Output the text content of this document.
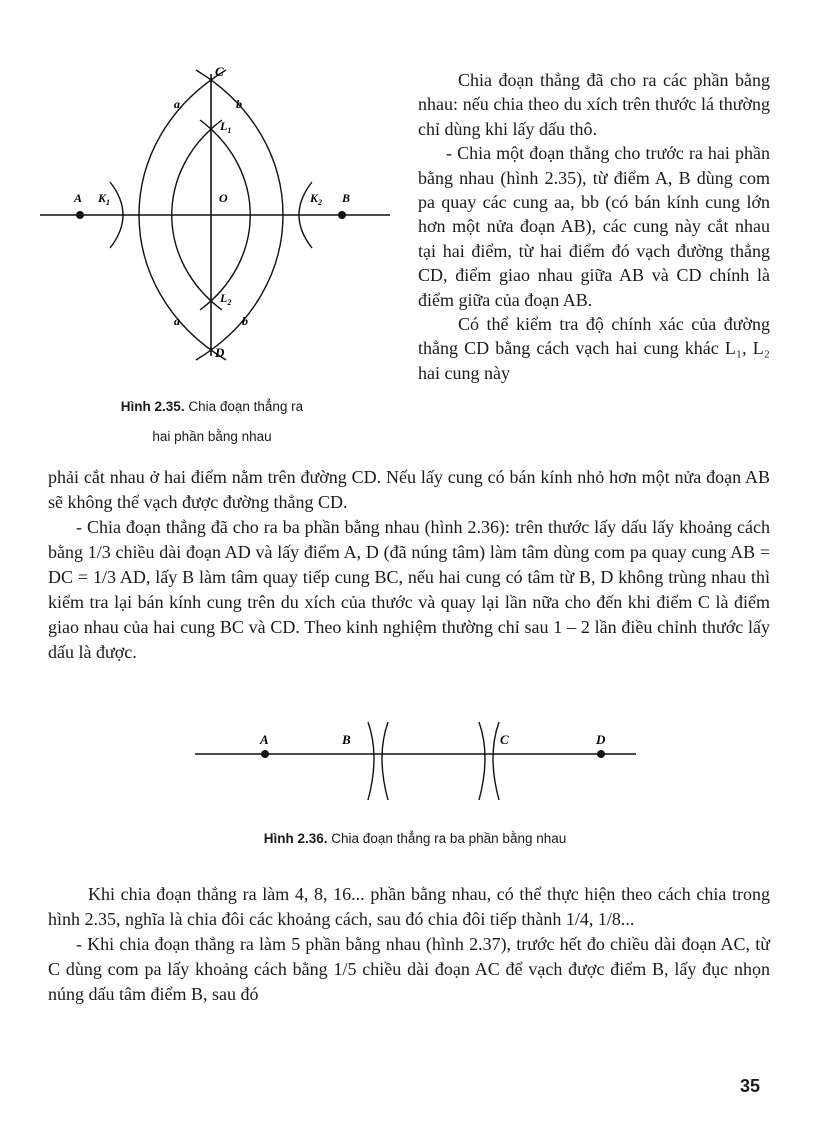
C
D
A	B
O
$K_1$	$K_2$
$L_1$
$L_2$
a	b
a	b
Hình 2.35. Chia đoạn thẳng ra
hai phần bằng nhau

Chia đoạn thẳng đã cho ra các phần bằng nhau: nếu chia theo du xích trên thước lá thường chỉ dùng khi lấy dấu thô.

- Chia một đoạn thẳng cho trước ra hai phần bằng nhau (hình 2.35), từ điểm A, B dùng com pa quay các cung aa, bb (có bán kính cung lớn hơn một nửa đoạn AB), các cung này cắt nhau tại hai điểm, từ hai điểm đó vạch đường thẳng CD, điểm giao nhau giữa AB và CD chính là điểm giữa của đoạn AB.

Có thể kiểm tra độ chính xác của đường thẳng CD bằng cách vạch hai cung khác L₁, L₂ hai cung này

phải cắt nhau ở hai điểm nằm trên đường CD. Nếu lấy cung có bán kính nhỏ hơn một nửa đoạn AB sẽ không thể vạch được đường thẳng CD.
- Chia đoạn thẳng đã cho ra ba phần bằng nhau (hình 2.36): trên thước lấy dấu lấy khoảng cách bằng 1/3 chiều dài đoạn AD và lấy điểm A, D (đã núng tâm) làm tâm dùng com pa quay cung AB = DC = 1/3 AD, lấy B làm tâm quay tiếp cung BC, nếu hai cung có tâm từ B, D không trùng nhau thì kiểm tra lại bán kính cung trên du xích của thước và quay lại lần nữa cho đến khi điểm C là điểm giao nhau của hai cung BC và CD. Theo kinh nghiệm thường chỉ sau 1 – 2 lần điều chỉnh thước lấy dấu là được.
A	B	C	D
Hình 2.36. Chia đoạn thẳng ra ba phần bằng nhau
Khi chia đoạn thẳng ra làm 4, 8, 16... phần bằng nhau, có thể thực hiện theo cách chia trong hình 2.35, nghĩa là chia đôi các khoảng cách, sau đó chia đôi tiếp thành 1/4, 1/8...
- Khi chia đoạn thẳng ra làm 5 phần bằng nhau (hình 2.37), trước hết đo chiều dài đoạn AC, từ C dùng com pa lấy khoảng cách bằng 1/5 chiều dài đoạn AC để vạch được điểm B, lấy đục nhọn núng dấu tâm điểm B, sau đó
35
